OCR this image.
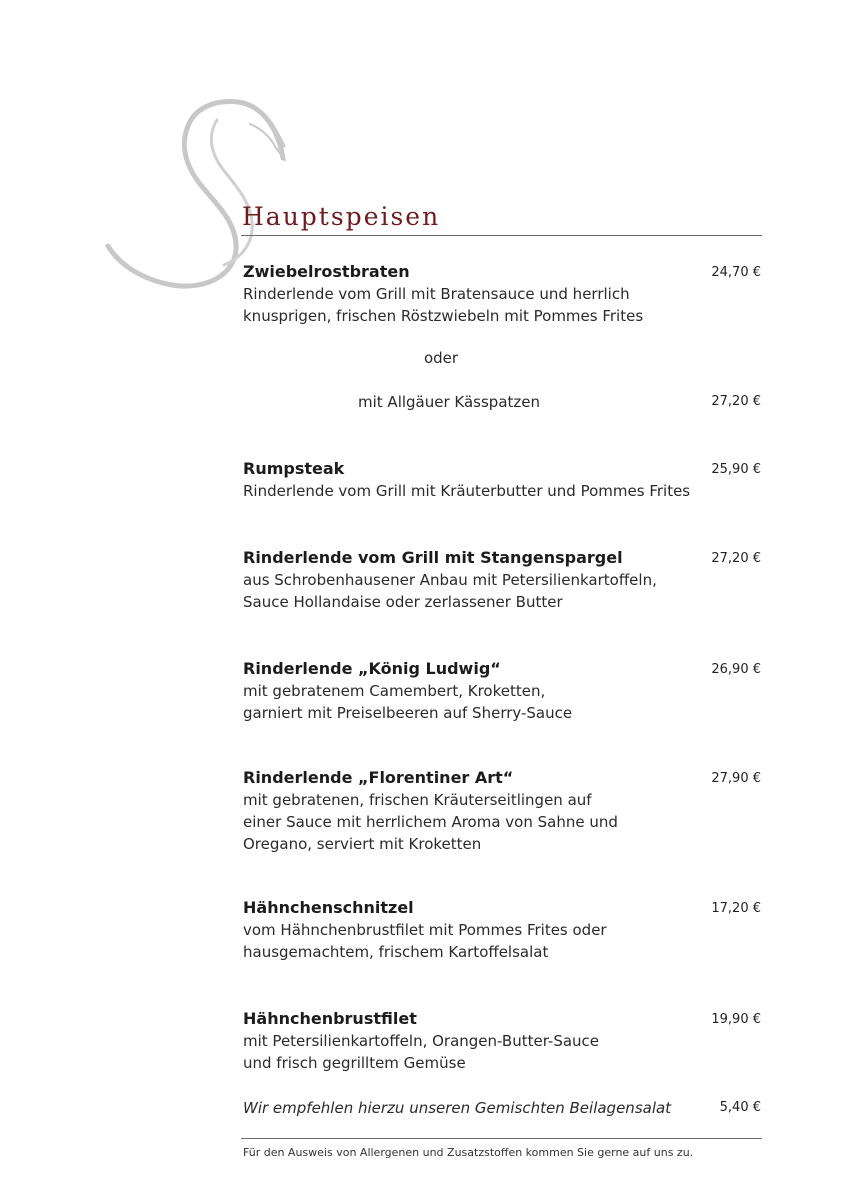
Hauptspeisen
Zwiebelrostbraten
Rinderlende vom Grill mit Bratensauce und herrlich
knusprigen, frischen Röstzwiebeln mit Pommes Frites
24,70 €
oder
mit Allgäuer Kässpatzen	27,20 €
Rumpsteak
Rinderlende vom Grill mit Kräuterbutter und Pommes Frites
25,90 €
Rinderlende vom Grill mit Stangenspargel
aus Schrobenhausener Anbau mit Petersilienkartoffeln,
Sauce Hollandaise oder zerlassener Butter
27,20 €
Rinderlende „König Ludwig“
mit gebratenem Camembert, Kroketten,
garniert mit Preiselbeeren auf Sherry-Sauce
26,90 €
Rinderlende „Florentiner Art“
mit gebratenen, frischen Kräuterseitlingen auf
einer Sauce mit herrlichem Aroma von Sahne und
Oregano, serviert mit Kroketten
27,90 €
Hähnchenschnitzel
vom Hähnchenbrustfilet mit Pommes Frites oder
hausgemachtem, frischem Kartoffelsalat
17,20 €
Hähnchenbrustfilet
mit Petersilienkartoffeln, Orangen-Butter-Sauce
und frisch gegrilltem Gemüse
19,90 €
Wir empfehlen hierzu unseren Gemischten Beilagensalat	5,40 €
Für den Ausweis von Allergenen und Zusatzstoffen kommen Sie gerne auf uns zu.
